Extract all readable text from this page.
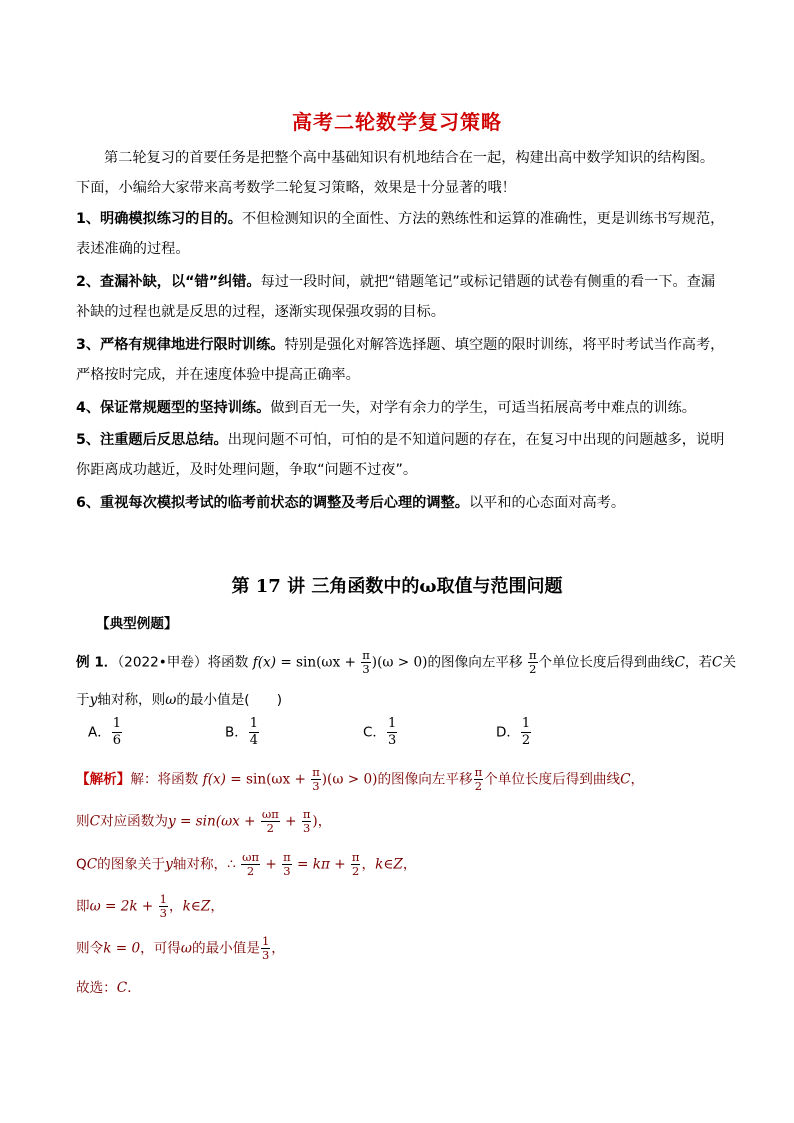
高考二轮数学复习策略
第二轮复习的首要任务是把整个高中基础知识有机地结合在一起，构建出高中数学知识的结构图。下面，小编给大家带来高考数学二轮复习策略，效果是十分显著的哦！
1、明确模拟练习的目的。不但检测知识的全面性、方法的熟练性和运算的准确性，更是训练书写规范，表述准确的过程。
2、查漏补缺，以“错”纠错。每过一段时间，就把“错题笔记”或标记错题的试卷有侧重的看一下。查漏补缺的过程也就是反思的过程，逐渐实现保强攻弱的目标。
3、严格有规律地进行限时训练。特别是强化对解答选择题、填空题的限时训练，将平时考试当作高考，严格按时完成，并在速度体验中提高正确率。
4、保证常规题型的坚持训练。做到百无一失，对学有余力的学生，可适当拓展高考中难点的训练。
5、注重题后反思总结。出现问题不可怕，可怕的是不知道问题的存在，在复习中出现的问题越多，说明你距离成功越近，及时处理问题，争取“问题不过夜”。
6、重视每次模拟考试的临考前状态的调整及考后心理的调整。以平和的心态面对高考。
第 17 讲 三角函数中的ω取值与范围问题
【典型例题】
例 1．（2022•甲卷）将函数 $f(x) = \sin(\omega x + \frac{\pi}{3} )(\omega > 0)$的图像向左平移 $\frac{\pi}{2}$ 个单位长度后得到曲线C，若C关
于y轴对称，则ω的最小值是(　　)
A． $\frac{1}{6}$	B． $\frac{1}{4}$	C． $\frac{1}{3}$	D． $\frac{1}{2}$
【解析】解：将函数 $f(x) = \sin(\omega x + \frac{\pi}{3} )(\omega > 0)$的图像向左平移 $\frac{\pi}{2}$ 个单位长度后得到曲线C，
则C对应函数为$y = \sin(\omega x + \frac{\omega\pi}{2} + \frac{\pi}{3}$ )，
QC的图象关于y轴对称，∴ $\frac{\omega\pi}{2} + \frac{\pi}{3} = k\pi + \frac{\pi}{2}$ ，k∈Z，
即$\omega = 2k + \frac{1}{3}$ ，k∈Z，
则令k = 0，可得ω的最小值是 $\frac{1}{3}$ ，
故选：C．
